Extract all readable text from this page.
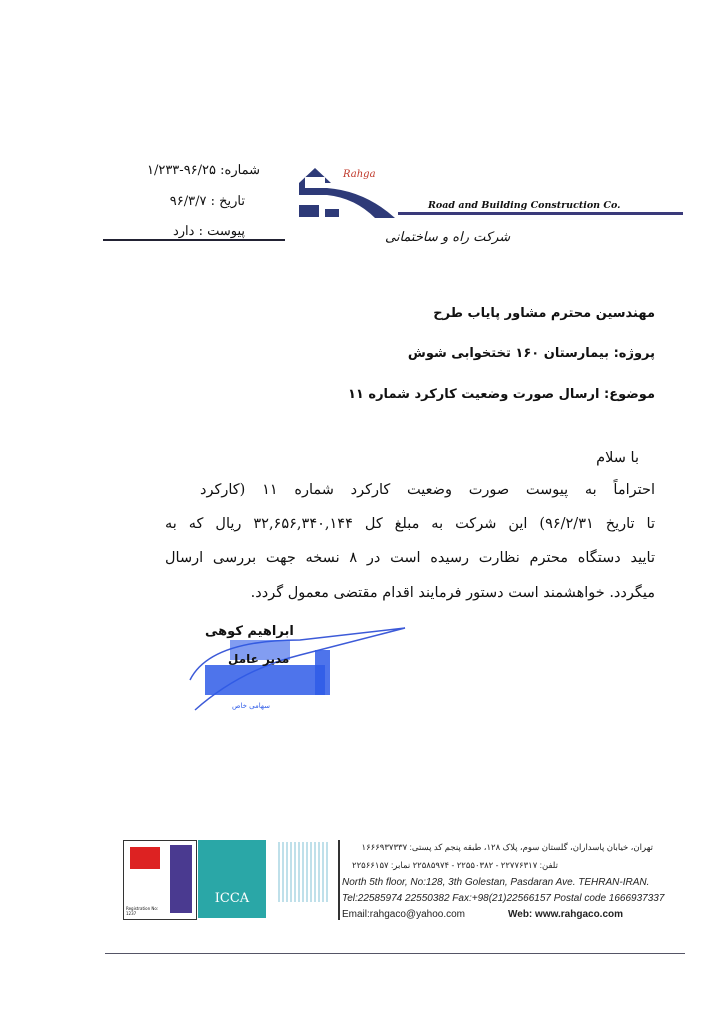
شماره: ۹۶/۲۵-۱/۲۳۳
تاریخ : ۹۶/۳/۷
پیوست : دارد
Rahga
Road and Building Construction Co.
شرکت راه و ساختمانی
مهندسین محترم مشاور پایاب طرح
پروژه: بیمارستان ۱۶۰ تختخوابی شوش
موضوع: ارسال صورت وضعیت کارکرد شماره ۱۱
با سلام
احتراماً به پیوست صورت وضعیت کارکرد شماره ۱۱ (کارکرد
تا تاریخ ۹۶/۲/۳۱) این شرکت به مبلغ کل ۳۲,۶۵۶,۳۴۰,۱۴۴ ریال که به
تایید دستگاه محترم نظارت رسیده است در ۸ نسخه جهت بررسی ارسال
میگردد. خواهشمند است دستور فرمایند اقدام مقتضی معمول گردد.
سهامی خاص
ابراهیم کوهی
مدیر عامل
Registration No: 1237
ICCA
تهران، خیابان پاسداران، گلستان سوم، پلاک ۱۲۸، طبقه پنجم کد پستی: ۱۶۶۶۹۳۷۳۳۷
تلفن: ۲۲۷۷۶۳۱۷ - ۲۲۵۵۰۳۸۲ - ۲۲۵۸۵۹۷۴ نمابر: ۲۲۵۶۶۱۵۷
North 5th floor, No:128, 3th Golestan, Pasdaran Ave. TEHRAN-IRAN.
Tel:22585974 22550382 Fax:+98(21)22566157 Postal code 1666937337
Email:rahgaco@yahoo.com	Web: www.rahgaco.com
